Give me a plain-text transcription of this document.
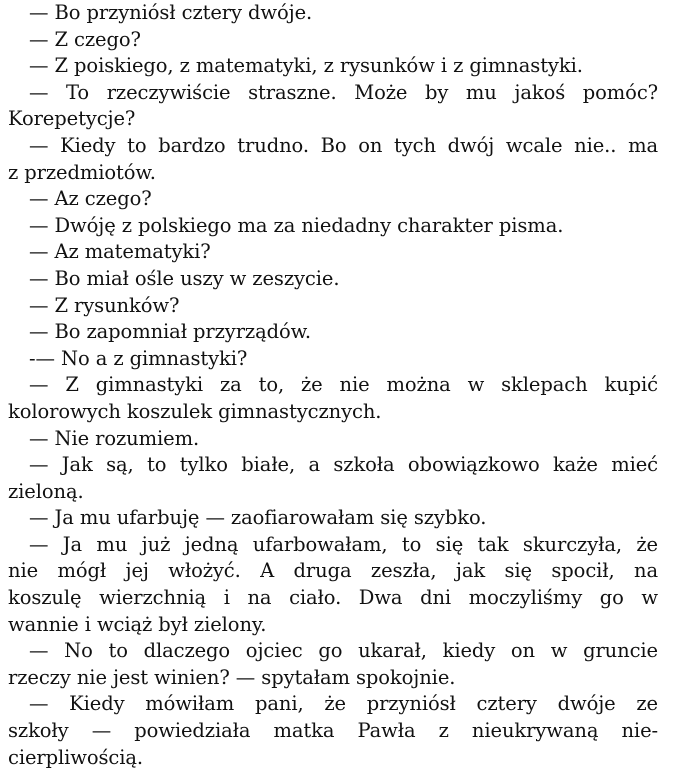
— Bo przyniósł cztery dwóje.
— Z czego?
— Z poiskiego, z matematyki, z rysunków i z gimnastyki.
— To rzeczywiście straszne. Może by mu jakoś pomóc?
Korepetycje?
— Kiedy to bardzo trudno. Bo on tych dwój wcale nie.. ma
z przedmiotów.
— Az czego?
— Dwóję z polskiego ma za niedadny charakter pisma.
— Az matematyki?
— Bo miał ośle uszy w zeszycie.
— Z rysunków?
— Bo zapomniał przyrządów.
-— No a z gimnastyki?
— Z gimnastyki za to, że nie można w sklepach kupić
kolorowych koszulek gimnastycznych.
— Nie rozumiem.
— Jak są, to tylko białe, a szkoła obowiązkowo każe mieć
zieloną.
— Ja mu ufarbuję — zaofiarowałam się szybko.
— Ja mu już jedną ufarbowałam, to się tak skurczyła, że
nie mógł jej włożyć. A druga zeszła, jak się spocił, na
koszulę wierzchnią i na ciało. Dwa dni moczyliśmy go w
wannie i wciąż był zielony.
— No to dlaczego ojciec go ukarał, kiedy on w gruncie
rzeczy nie jest winien? — spytałam spokojnie.
— Kiedy mówiłam pani, że przyniósł cztery dwóje ze
szkoły — powiedziała matka Pawła z nieukrywaną nie-
cierpliwością.
